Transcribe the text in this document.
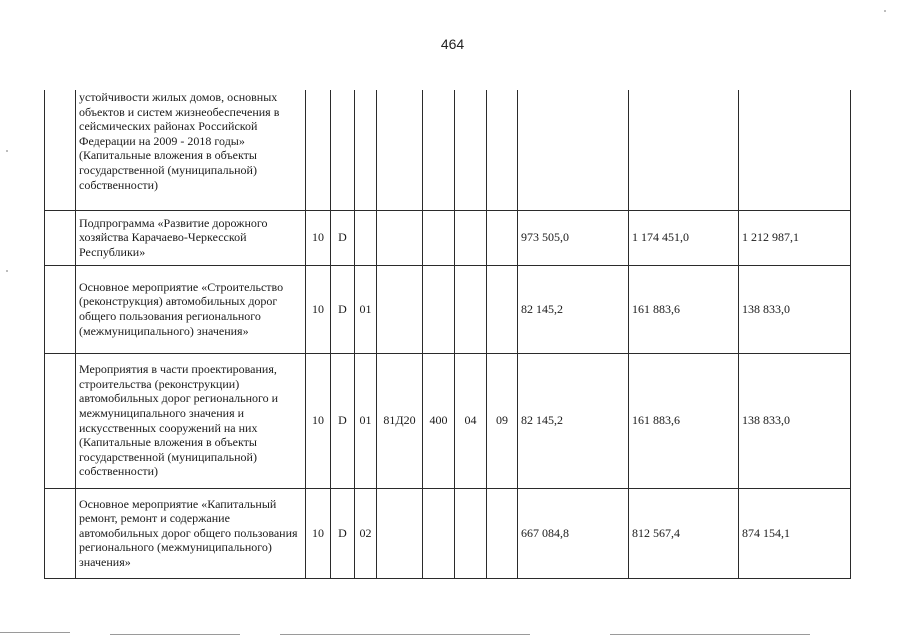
464
	устойчивости жилых домов, основных объектов и систем жизнеобеспечения в сейсмических районах Российской Федерации на 2009 - 2018 годы» (Капитальные вложения в объекты государственной (муниципальной) собственности)										
	Подпрограмма «Развитие дорожного хозяйства Карачаево-Черкесской Республики»	10	D						973 505,0	1 174 451,0	1 212 987,1
	Основное мероприятие «Строительство (реконструкция) автомобильных дорог общего пользования регионального (межмуниципального) значения»	10	D	01					82 145,2	161 883,6	138 833,0
	Мероприятия в части проектирования, строительства (реконструкции) автомобильных дорог регионального и межмуниципального значения и искусственных сооружений на них (Капитальные вложения в объекты государственной (муниципальной) собственности)	10	D	01	81Д20	400	04	09	82 145,2	161 883,6	138 833,0
	Основное мероприятие «Капитальный ремонт, ремонт и содержание автомобильных дорог общего пользования регионального (межмуниципального) значения»	10	D	02					667 084,8	812 567,4	874 154,1
